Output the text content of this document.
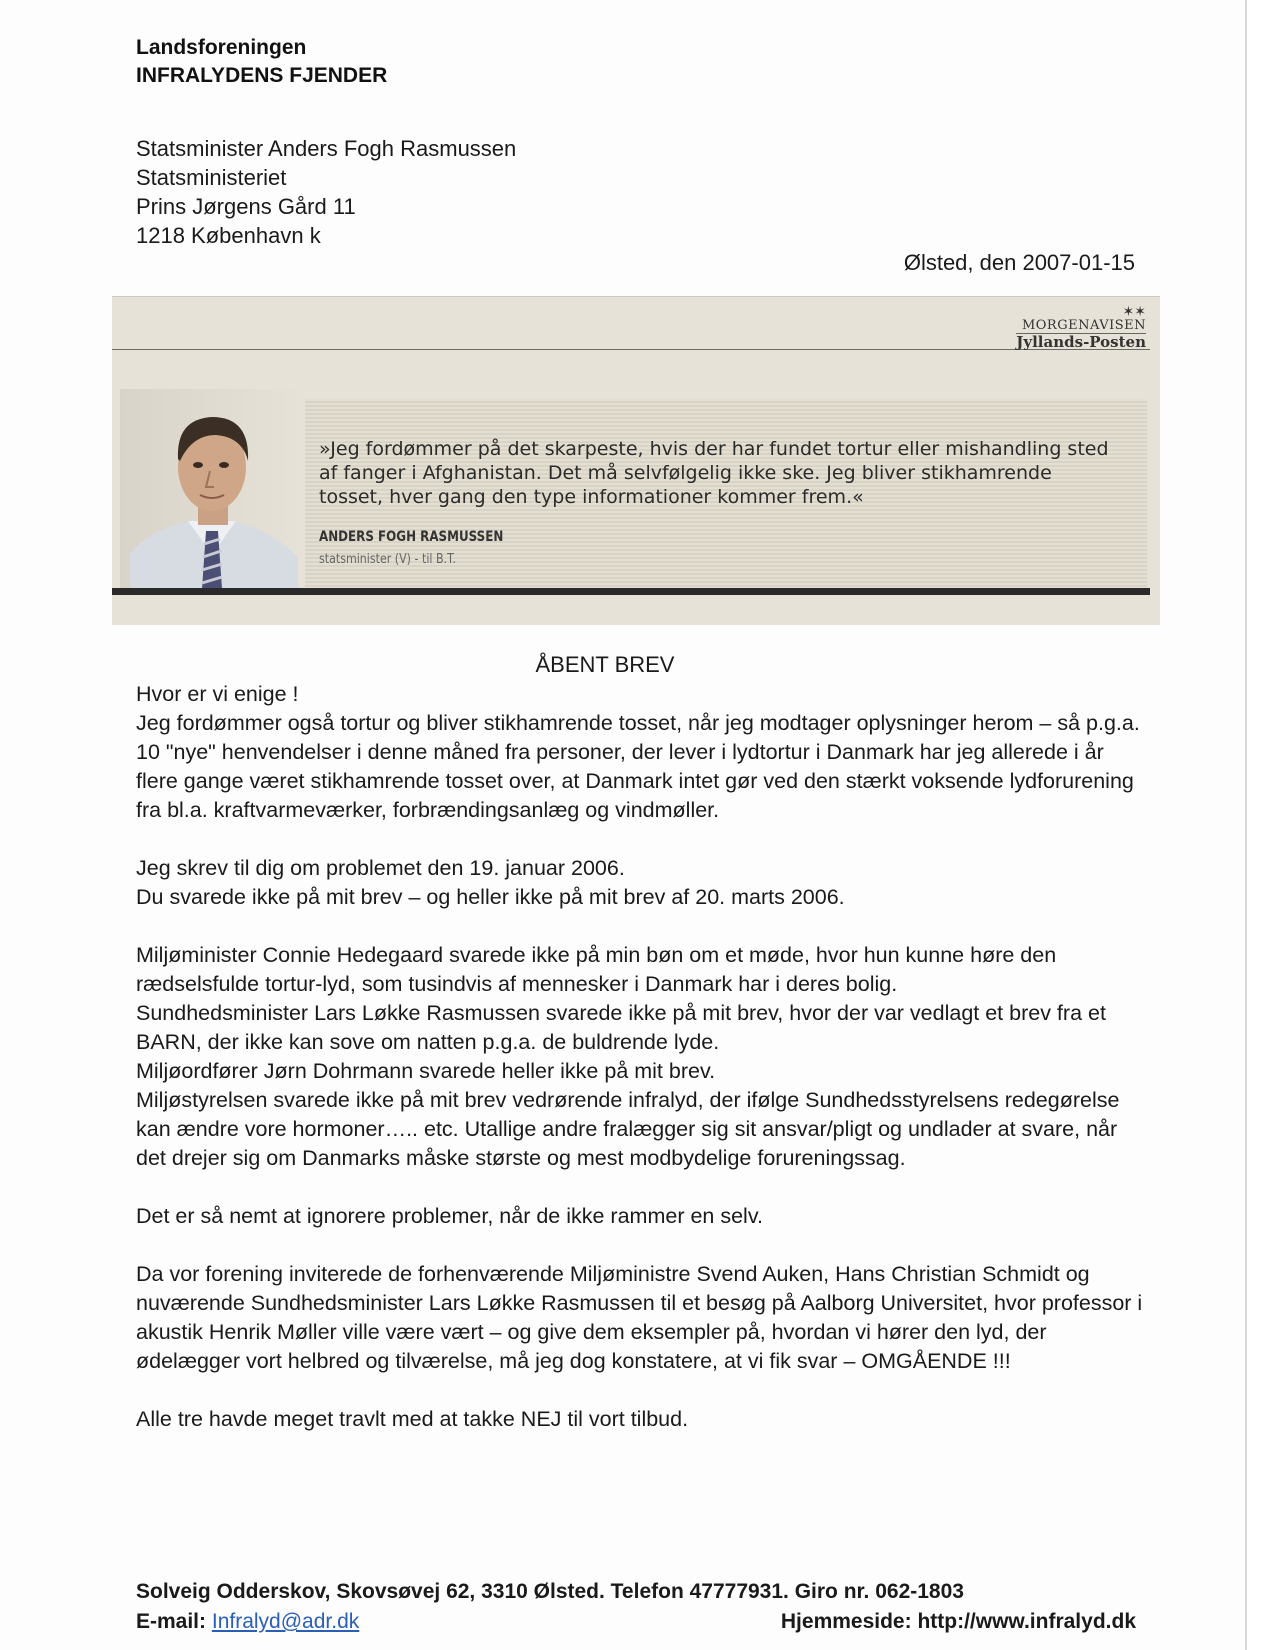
Landsforeningen
INFRALYDENS FJENDER
Statsminister Anders Fogh Rasmussen
Statsministeriet
Prins Jørgens Gård 11
1218 København k
Ølsted, den 2007-01-15
✶✶
MORGENAVISEN
Jyllands-Posten
»Jeg fordømmer på det skarpeste, hvis der har fundet tortur eller mishandling sted af fanger i Afghanistan. Det må selvfølgelig ikke ske. Jeg bliver stikhamrende tosset, hver gang den type informationer kommer frem.«
ANDERS FOGH RASMUSSEN
statsminister (V) - til B.T.
ÅBENT BREV

Hvor er vi enige !

Jeg fordømmer også tortur og bliver stikhamrende tosset, når jeg modtager oplysninger herom – så p.g.a. 10 "nye" henvendelser i denne måned fra personer, der lever i lydtortur i Danmark har jeg allerede i år flere gange været stikhamrende tosset over, at Danmark intet gør ved den stærkt voksende lydforurening fra bl.a. kraftvarmeværker, forbrændingsanlæg og vindmøller.

Jeg skrev til dig om problemet den 19. januar 2006.

Du svarede ikke på mit brev – og heller ikke på mit brev af 20. marts 2006.

Miljøminister Connie Hedegaard svarede ikke på min bøn om et møde, hvor hun kunne høre den rædselsfulde tortur-lyd, som tusindvis af mennesker i Danmark har i deres bolig.

Sundhedsminister Lars Løkke Rasmussen svarede ikke på mit brev, hvor der var vedlagt et brev fra et BARN, der ikke kan sove om natten p.g.a. de buldrende lyde.

Miljøordfører Jørn Dohrmann svarede heller ikke på mit brev.

Miljøstyrelsen svarede ikke på mit brev vedrørende infralyd, der ifølge Sundhedsstyrelsens redegørelse kan ændre vore hormoner….. etc. Utallige andre fralægger sig sit ansvar/pligt og undlader at svare, når det drejer sig om Danmarks måske største og mest modbydelige forureningssag.

Det er så nemt at ignorere problemer, når de ikke rammer en selv.

Da vor forening inviterede de forhenværende Miljøministre Svend Auken, Hans Christian Schmidt og nuværende Sundhedsminister Lars Løkke Rasmussen til et besøg på Aalborg Universitet, hvor professor i akustik Henrik Møller ville være vært – og give dem eksempler på, hvordan vi hører den lyd, der ødelægger vort helbred og tilværelse, må jeg dog konstatere, at vi fik svar – OMGÅENDE !!!

Alle tre havde meget travlt med at takke NEJ til vort tilbud.

Solveig Odderskov, Skovsøvej 62, 3310 Ølsted. Telefon 47777931. Giro nr. 062-1803
E-mail: Infralyd@adr.dk	Hjemmeside: http://www.infralyd.dk
